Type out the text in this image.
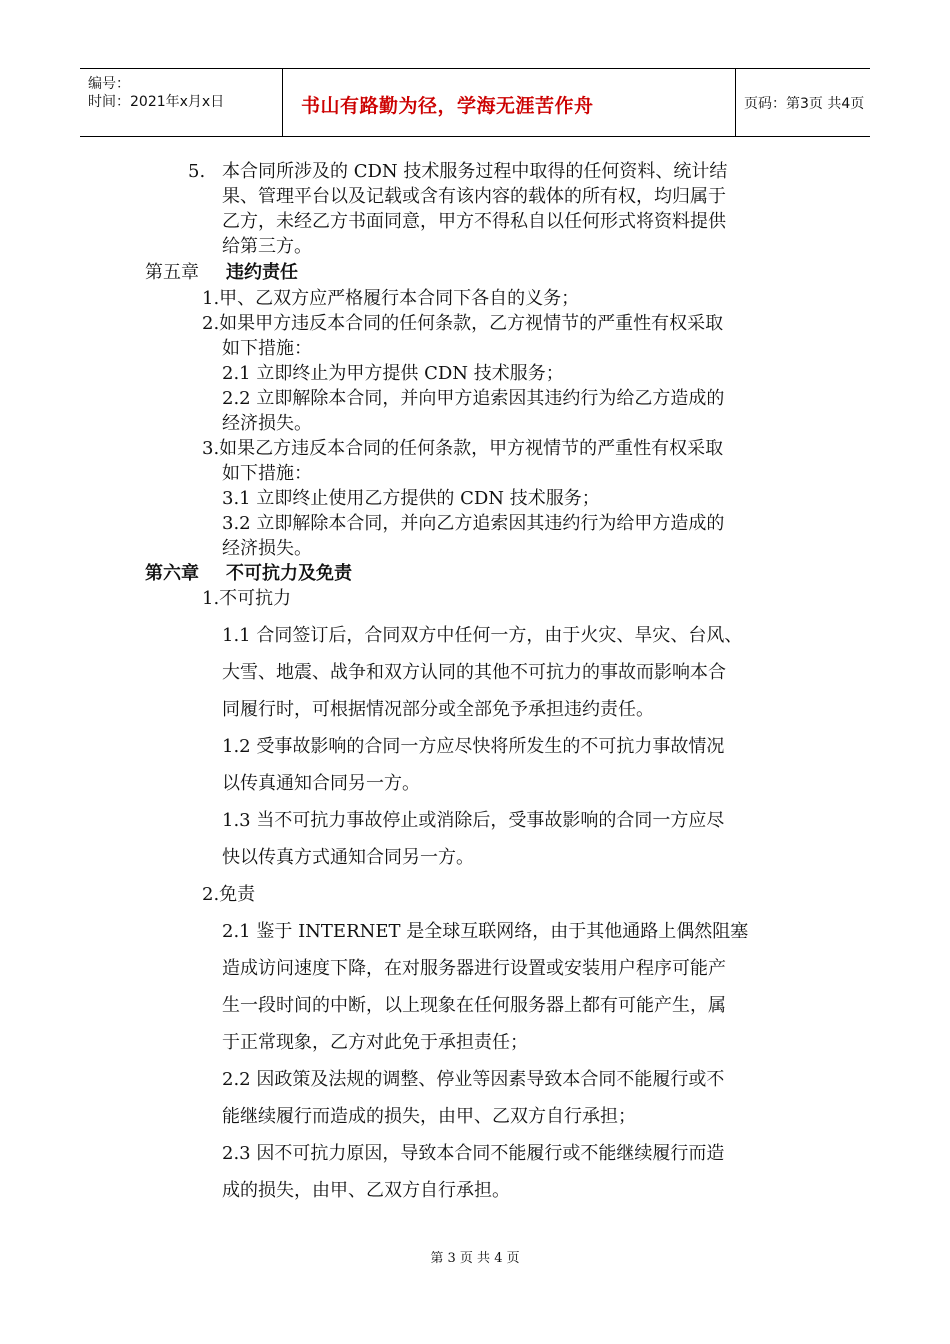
编号：
时间：2021年x月x日	书山有路勤为径，学海无涯苦作舟	页码：第3页 共4页
5. 本合同所涉及的 CDN 技术服务过程中取得的任何资料、统计结
果、管理平台以及记载或含有该内容的载体的所有权，均归属于
乙方，未经乙方书面同意，甲方不得私自以任何形式将资料提供
给第三方。
第五章 违约责任
1.甲、乙双方应严格履行本合同下各自的义务；
2.如果甲方违反本合同的任何条款，乙方视情节的严重性有权采取
如下措施：
2.1 立即终止为甲方提供 CDN 技术服务；
2.2 立即解除本合同，并向甲方追索因其违约行为给乙方造成的
经济损失。
3.如果乙方违反本合同的任何条款，甲方视情节的严重性有权采取
如下措施：
3.1 立即终止使用乙方提供的 CDN 技术服务；
3.2 立即解除本合同，并向乙方追索因其违约行为给甲方造成的
经济损失。
第六章 不可抗力及免责
1.不可抗力
1.1 合同签订后，合同双方中任何一方，由于火灾、旱灾、台风、
大雪、地震、战争和双方认同的其他不可抗力的事故而影响本合
同履行时，可根据情况部分或全部免予承担违约责任。
1.2 受事故影响的合同一方应尽快将所发生的不可抗力事故情况
以传真通知合同另一方。
1.3 当不可抗力事故停止或消除后，受事故影响的合同一方应尽
快以传真方式通知合同另一方。
2.免责
2.1 鉴于 INTERNET 是全球互联网络，由于其他通路上偶然阻塞
造成访问速度下降，在对服务器进行设置或安装用户程序可能产
生一段时间的中断，以上现象在任何服务器上都有可能产生，属
于正常现象，乙方对此免于承担责任；
2.2 因政策及法规的调整、停业等因素导致本合同不能履行或不
能继续履行而造成的损失，由甲、乙双方自行承担；
2.3 因不可抗力原因，导致本合同不能履行或不能继续履行而造
成的损失，由甲、乙双方自行承担。
第 3 页 共 4 页
